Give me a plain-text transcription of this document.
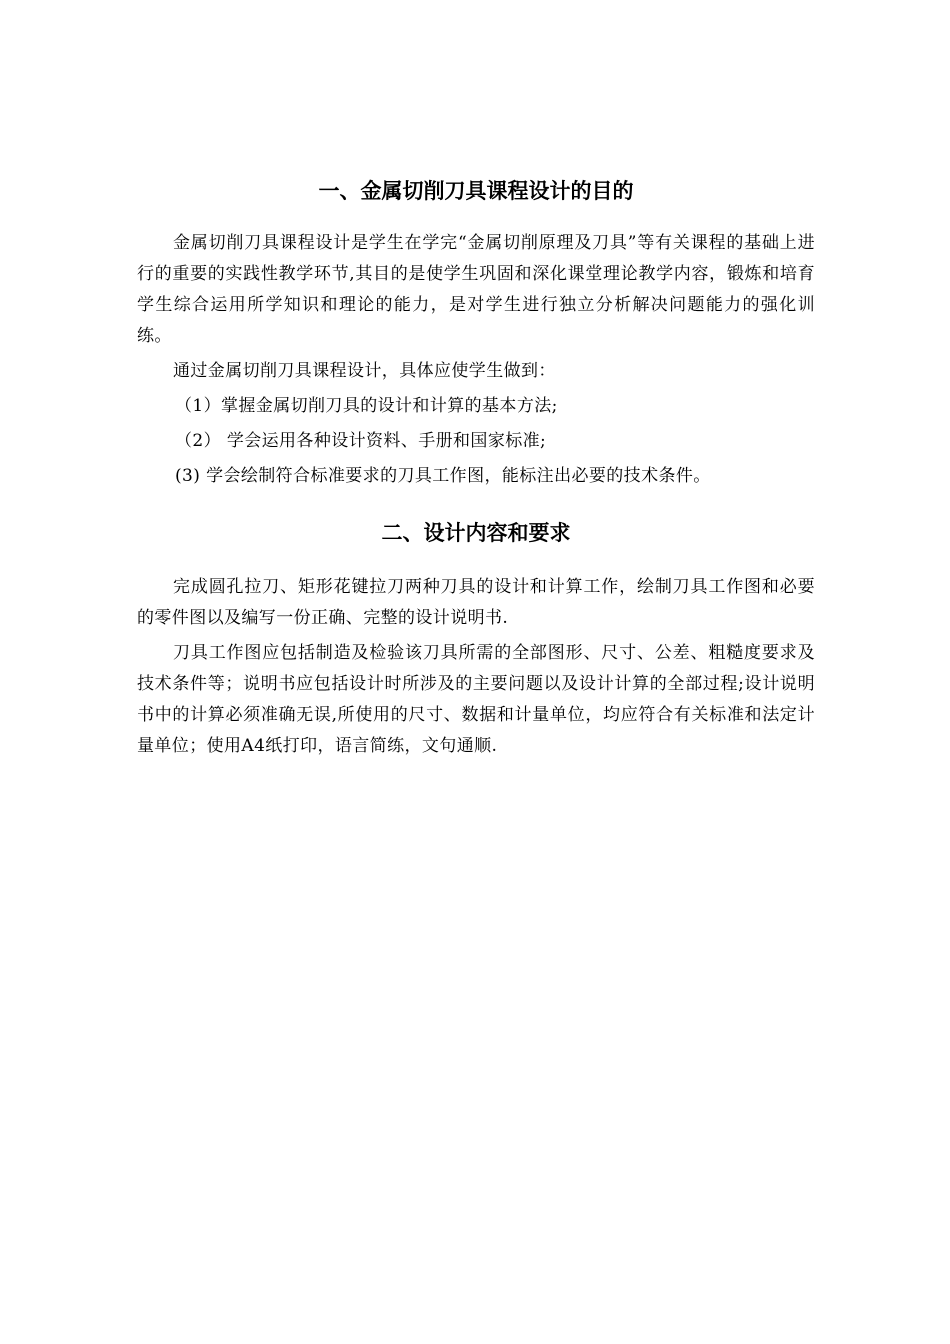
一、金属切削刀具课程设计的目的

金属切削刀具课程设计是学生在学完“金属切削原理及刀具”等有关课程的基础上进行的重要的实践性教学环节,其目的是使学生巩固和深化课堂理论教学内容，锻炼和培育学生综合运用所学知识和理论的能力，是对学生进行独立分析解决问题能力的强化训练。

通过金属切削刀具课程设计，具体应使学生做到：

（1）掌握金属切削刀具的设计和计算的基本方法;
（2） 学会运用各种设计资料、手册和国家标准;
(3) 学会绘制符合标准要求的刀具工作图，能标注出必要的技术条件。
二、设计内容和要求

完成圆孔拉刀、矩形花键拉刀两种刀具的设计和计算工作，绘制刀具工作图和必要的零件图以及编写一份正确、完整的设计说明书.

刀具工作图应包括制造及检验该刀具所需的全部图形、尺寸、公差、粗糙度要求及技术条件等；说明书应包括设计时所涉及的主要问题以及设计计算的全部过程;设计说明书中的计算必须准确无误,所使用的尺寸、数据和计量单位，均应符合有关标准和法定计量单位；使用A4纸打印，语言简练，文句通顺.
